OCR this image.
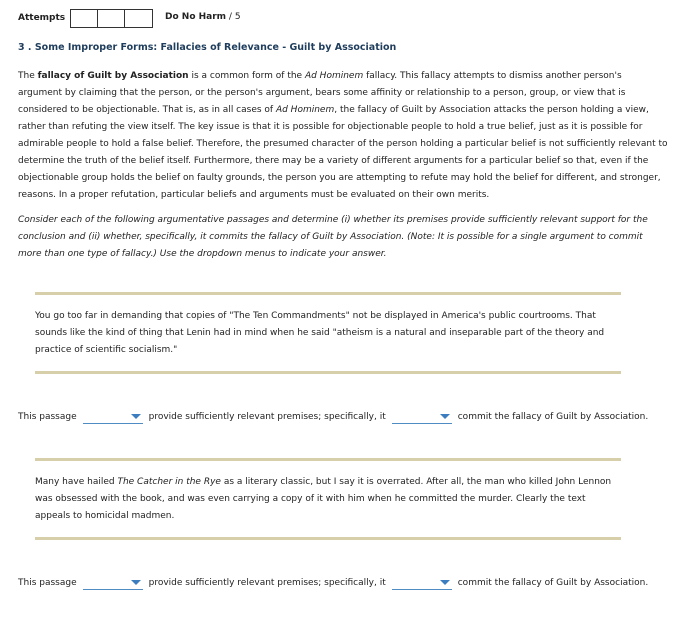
Attempts	Do No Harm / 5
3 . Some Improper Forms: Fallacies of Relevance - Guilt by Association
The fallacy of Guilt by Association is a common form of the Ad Hominem fallacy. This fallacy attempts to dismiss another person's argument by claiming that the person, or the person's argument, bears some affinity or relationship to a person, group, or view that is considered to be objectionable. That is, as in all cases of Ad Hominem, the fallacy of Guilt by Association attacks the person holding a view, rather than refuting the view itself. The key issue is that it is possible for objectionable people to hold a true belief, just as it is possible for admirable people to hold a false belief. Therefore, the presumed character of the person holding a particular belief is not sufficiently relevant to determine the truth of the belief itself. Furthermore, there may be a variety of different arguments for a particular belief so that, even if the objectionable group holds the belief on faulty grounds, the person you are attempting to refute may hold the belief for different, and stronger, reasons. In a proper refutation, particular beliefs and arguments must be evaluated on their own merits.
Consider each of the following argumentative passages and determine (i) whether its premises provide sufficiently relevant support for the conclusion and (ii) whether, specifically, it commits the fallacy of Guilt by Association. (Note: It is possible for a single argument to commit more than one type of fallacy.) Use the dropdown menus to indicate your answer.
You go too far in demanding that copies of "The Ten Commandments" not be displayed in America's public courtrooms. That sounds like the kind of thing that Lenin had in mind when he said "atheism is a natural and inseparable part of the theory and practice of scientific socialism."
This passage	provide sufficiently relevant premises; specifically, it	commit the fallacy of Guilt by Association.
Many have hailed The Catcher in the Rye as a literary classic, but I say it is overrated. After all, the man who killed John Lennon was obsessed with the book, and was even carrying a copy of it with him when he committed the murder. Clearly the text appeals to homicidal madmen.
This passage	provide sufficiently relevant premises; specifically, it	commit the fallacy of Guilt by Association.
